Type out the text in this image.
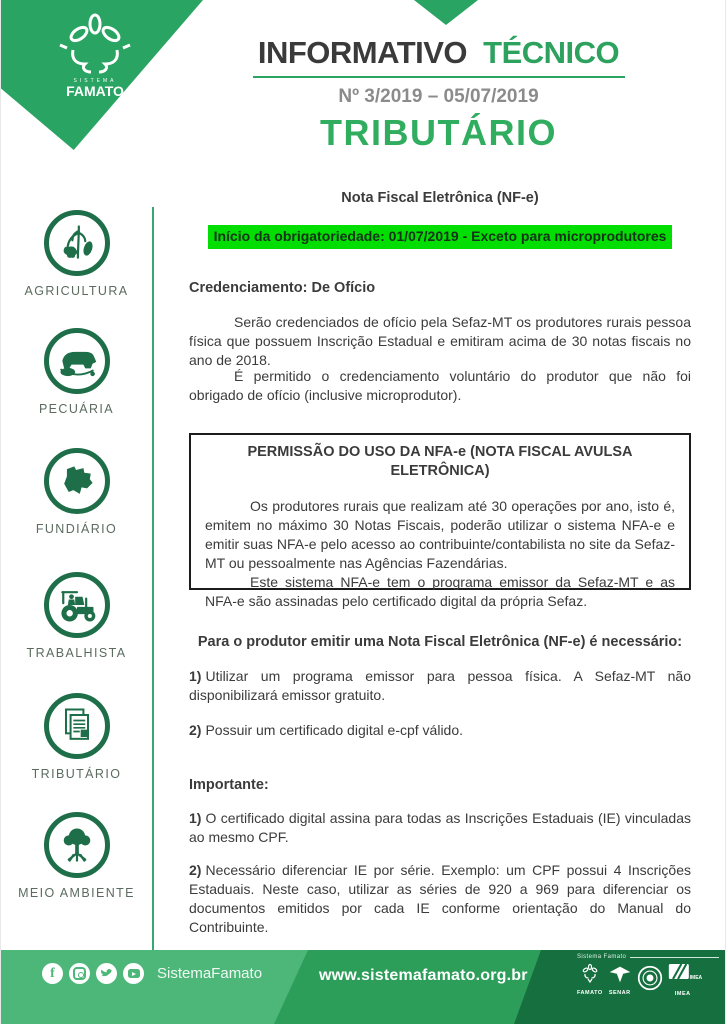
SISTEMA
FAMATO
INFORMATIVO TÉCNICO
Nº 3/2019 – 05/07/2019
TRIBUTÁRIO
AGRICULTURA
PECUÁRIA
FUNDIÁRIO
TRABALHISTA
TRIBUTÁRIO
MEIO AMBIENTE
Nota Fiscal Eletrônica (NF-e)
Início da obrigatoriedade: 01/07/2019 - Exceto para microprodutores
Credenciamento: De Ofício

Serão credenciados de ofício pela Sefaz-MT os produtores rurais pessoa física que possuem Inscrição Estadual e emitiram acima de 30 notas fiscais no ano de 2018.

É permitido o credenciamento voluntário do produtor que não foi obrigado de ofício (inclusive microprodutor).

PERMISSÃO DO USO DA NFA-e (NOTA FISCAL AVULSA ELETRÔNICA)

Os produtores rurais que realizam até 30 operações por ano, isto é, emitem no máximo 30 Notas Fiscais, poderão utilizar o sistema NFA-e e emitir suas NFA-e pelo acesso ao contribuinte/contabilista no site da Sefaz-MT ou pessoalmente nas Agências Fazendárias.

Este sistema NFA-e tem o programa emissor da Sefaz-MT e as NFA-e são assinadas pelo certificado digital da própria Sefaz.

Para o produtor emitir uma Nota Fiscal Eletrônica (NF-e) é necessário:

1) Utilizar um programa emissor para pessoa física. A Sefaz-MT não disponibilizará emissor gratuito.

2) Possuir um certificado digital e-cpf válido.

Importante:

1) O certificado digital assina para todas as Inscrições Estaduais (IE) vinculadas ao mesmo CPF.

2) Necessário diferenciar IE por série. Exemplo: um CPF possui 4 Inscrições Estaduais. Neste caso, utilizar as séries de 920 a 969 para diferenciar os documentos emitidos por cada IE conforme orientação do Manual do Contribuinte.

f	SistemaFamato	www.sistemafamato.org.br
Sistema Famato
FAMATO SENAR
IMEA
IMEA
